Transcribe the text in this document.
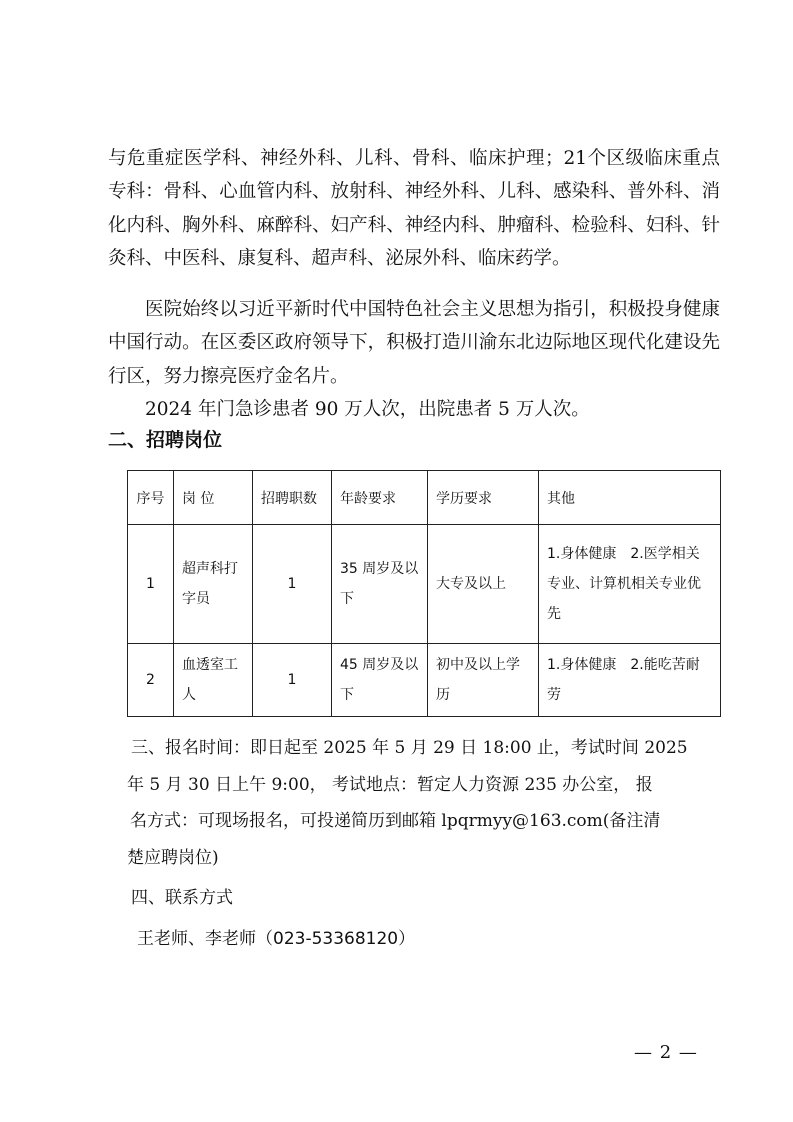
与危重症医学科、神经外科、儿科、骨科、临床护理；21个区级临床重点专科：骨科、心血管内科、放射科、神经外科、儿科、感染科、普外科、消化内科、胸外科、麻醉科、妇产科、神经内科、肿瘤科、检验科、妇科、针灸科、中医科、康复科、超声科、泌尿外科、临床药学。

医院始终以习近平新时代中国特色社会主义思想为指引，积极投身健康中国行动。在区委区政府领导下，积极打造川渝东北边际地区现代化建设先行区，努力擦亮医疗金名片。

2024 年门急诊患者 90 万人次，出院患者 5 万人次。

二、招聘岗位
序号	岗 位	招聘职数	年龄要求	学历要求	其他
1	超声科打字员	1	35 周岁及以下	大专及以上	1.身体健康　2.医学相关专业、计算机相关专业优先
2	血透室工人	1	45 周岁及以下	初中及以上学历	1.身体健康　2.能吃苦耐劳
三、报名时间：即日起至 2025 年 5 月 29 日 18:00 止，考试时间 2025
年 5 月 30 日上午 9:00， 考试地点：暂定人力资源 235 办公室， 报
名方式：可现场报名，可投递简历到邮箱 lpqrmyy@163.com(备注清
楚应聘岗位)

四、联系方式

王老师、李老师（023-53368120）

— 2 —
